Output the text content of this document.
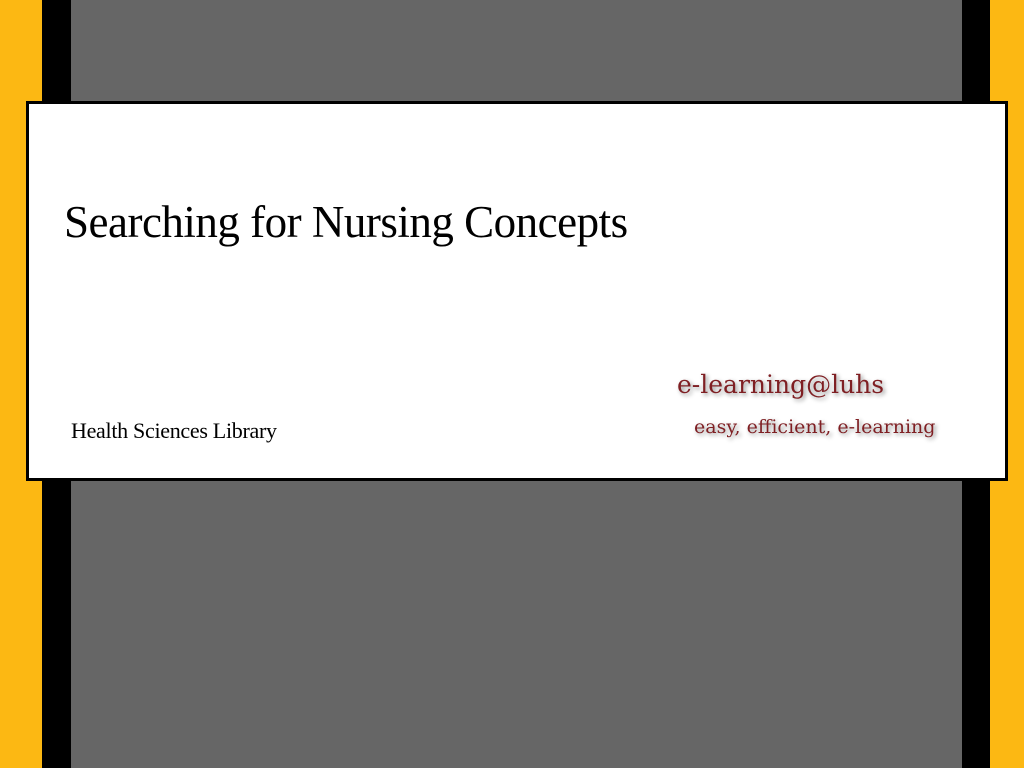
Searching for Nursing Concepts
Health Sciences Library
e-learning@luhs
easy, efficient, e-learning
